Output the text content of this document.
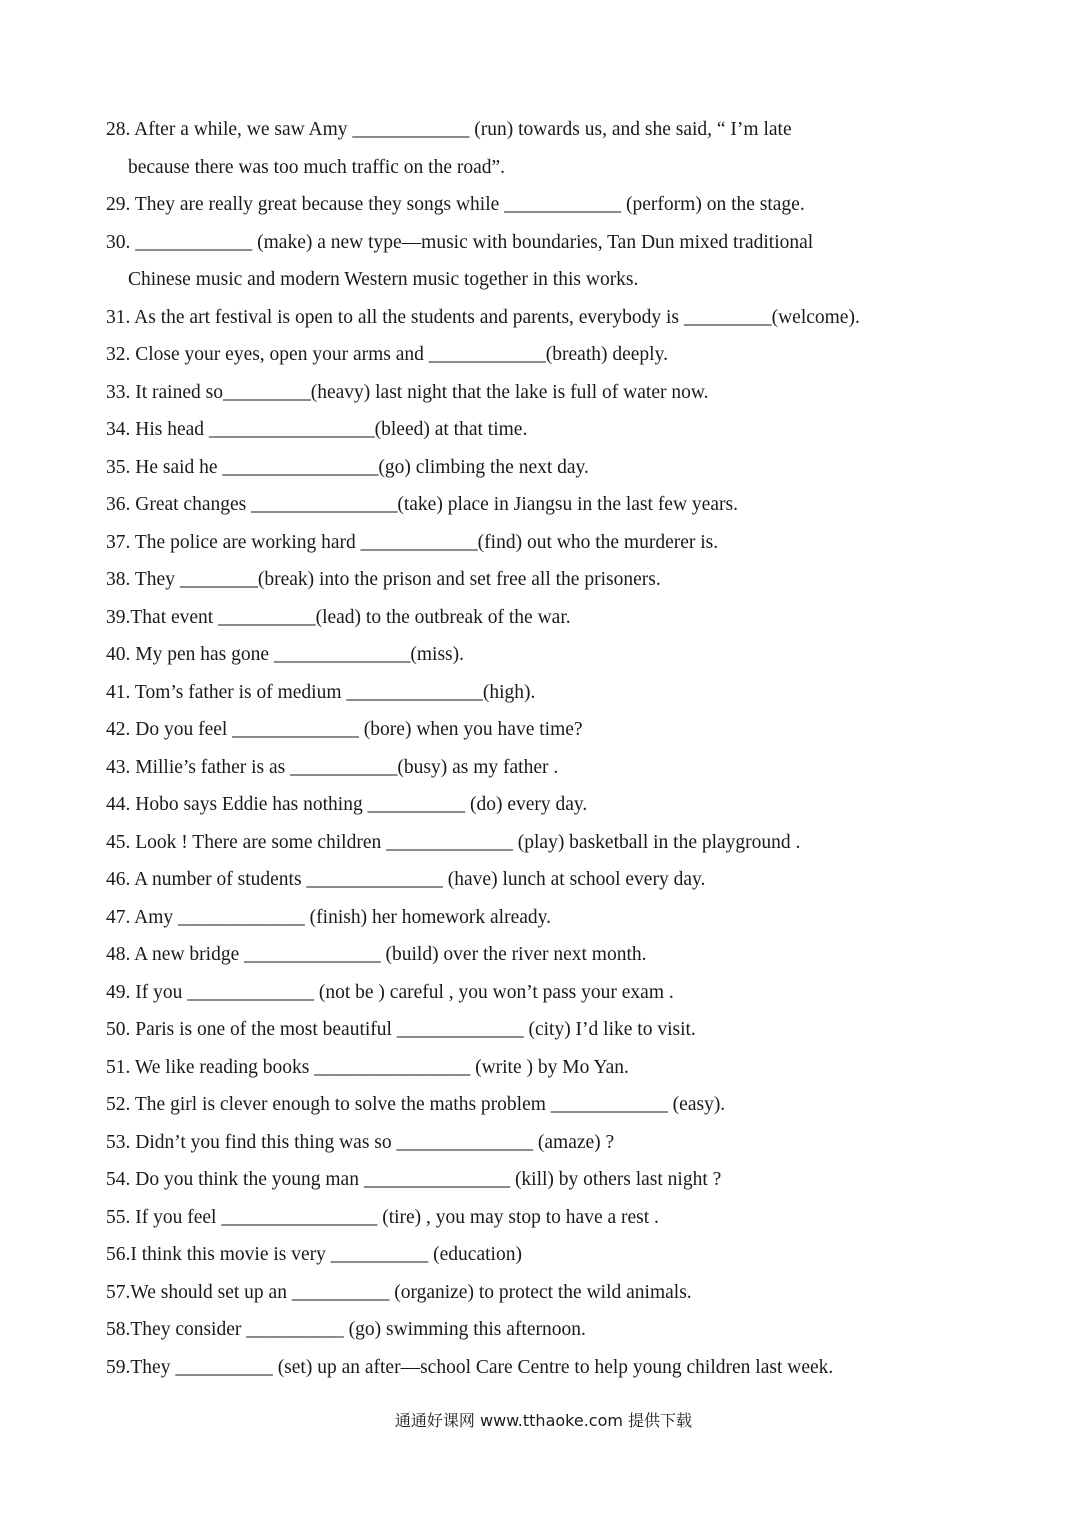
28. After a while, we saw Amy ____________ (run) towards us, and she said, “ I’m late
because there was too much traffic on the road”.
29. They are really great because they songs while ____________ (perform) on the stage.
30. ____________ (make) a new type—music with boundaries, Tan Dun mixed traditional
Chinese music and modern Western music together in this works.
31. As the art festival is open to all the students and parents, everybody is _________(welcome).
32. Close your eyes, open your arms and ____________(breath) deeply.
33. It rained so_________(heavy) last night that the lake is full of water now.
34. His head _________________(bleed) at that time.
35. He said he ________________(go) climbing the next day.
36. Great changes _______________(take) place in Jiangsu in the last few years.
37. The police are working hard ____________(find) out who the murderer is.
38. They ________(break) into the prison and set free all the prisoners.
39.That event __________(lead) to the outbreak of the war.
40. My pen has gone ______________(miss).
41. Tom’s father is of medium ______________(high).
42. Do you feel _____________ (bore) when you have time?
43. Millie’s father is as ___________(busy) as my father .
44. Hobo says Eddie has nothing __________ (do) every day.
45. Look ! There are some children _____________ (play) basketball in the playground .
46. A number of students ______________ (have) lunch at school every day.
47. Amy _____________ (finish) her homework already.
48. A new bridge ______________ (build) over the river next month.
49. If you _____________ (not be ) careful , you won’t pass your exam .
50. Paris is one of the most beautiful _____________ (city) I’d like to visit.
51. We like reading books ________________ (write ) by Mo Yan.
52. The girl is clever enough to solve the maths problem ____________ (easy).
53. Didn’t you find this thing was so ______________ (amaze) ?
54. Do you think the young man _______________ (kill) by others last night ?
55. If you feel ________________ (tire) , you may stop to have a rest .
56.I think this movie is very __________ (education)
57.We should set up an __________ (organize) to protect the wild animals.
58.They consider __________ (go) swimming this afternoon.
59.They __________ (set) up an after—school Care Centre to help young children last week.
通通好课网 www.tthaoke.com 提供下载
